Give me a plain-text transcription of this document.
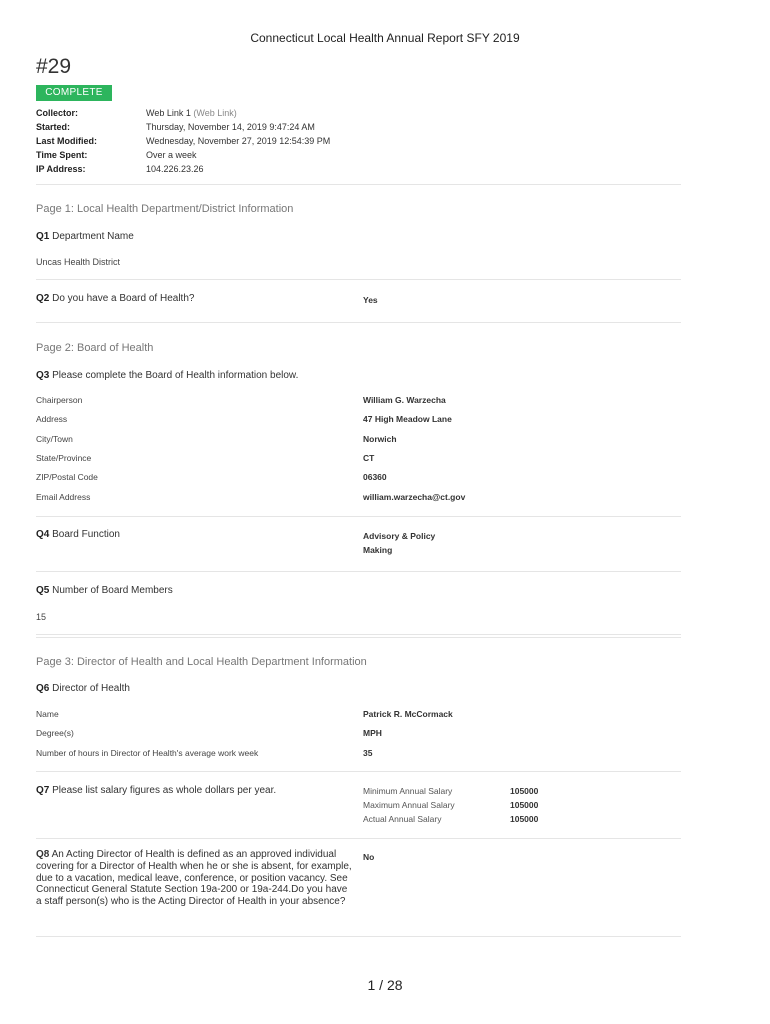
Connecticut Local Health Annual Report SFY 2019
#29
COMPLETE
Collector:	Web Link 1 (Web Link)
Started:	Thursday, November 14, 2019 9:47:24 AM
Last Modified:	Wednesday, November 27, 2019 12:54:39 PM
Time Spent:	Over a week
IP Address:	104.226.23.26
Page 1: Local Health Department/District Information
Q1 Department Name
Uncas Health District
Q2 Do you have a Board of Health?	Yes
Page 2: Board of Health
Q3 Please complete the Board of Health information below.
Chairperson	William G. Warzecha
Address	47 High Meadow Lane
City/Town	Norwich
State/Province	CT
ZIP/Postal Code	06360
Email Address	william.warzecha@ct.gov
Q4 Board Function	Advisory & Policy
Making
Q5 Number of Board Members
15
Page 3: Director of Health and Local Health Department Information
Q6 Director of Health
Name	Patrick R. McCormack
Degree(s)	MPH
Number of hours in Director of Health's average work week	35
Q7 Please list salary figures as whole dollars per year.	Minimum Annual Salary	105000
Maximum Annual Salary	105000
Actual Annual Salary	105000
Q8 An Acting Director of Health is defined as an approved individual covering for a Director of Health when he or she is absent, for example, due to a vacation, medical leave, conference, or position vacancy. See Connecticut General Statute Section 19a-200 or 19a-244.Do you have a staff person(s) who is the Acting Director of Health in your absence?
No
1 / 28
